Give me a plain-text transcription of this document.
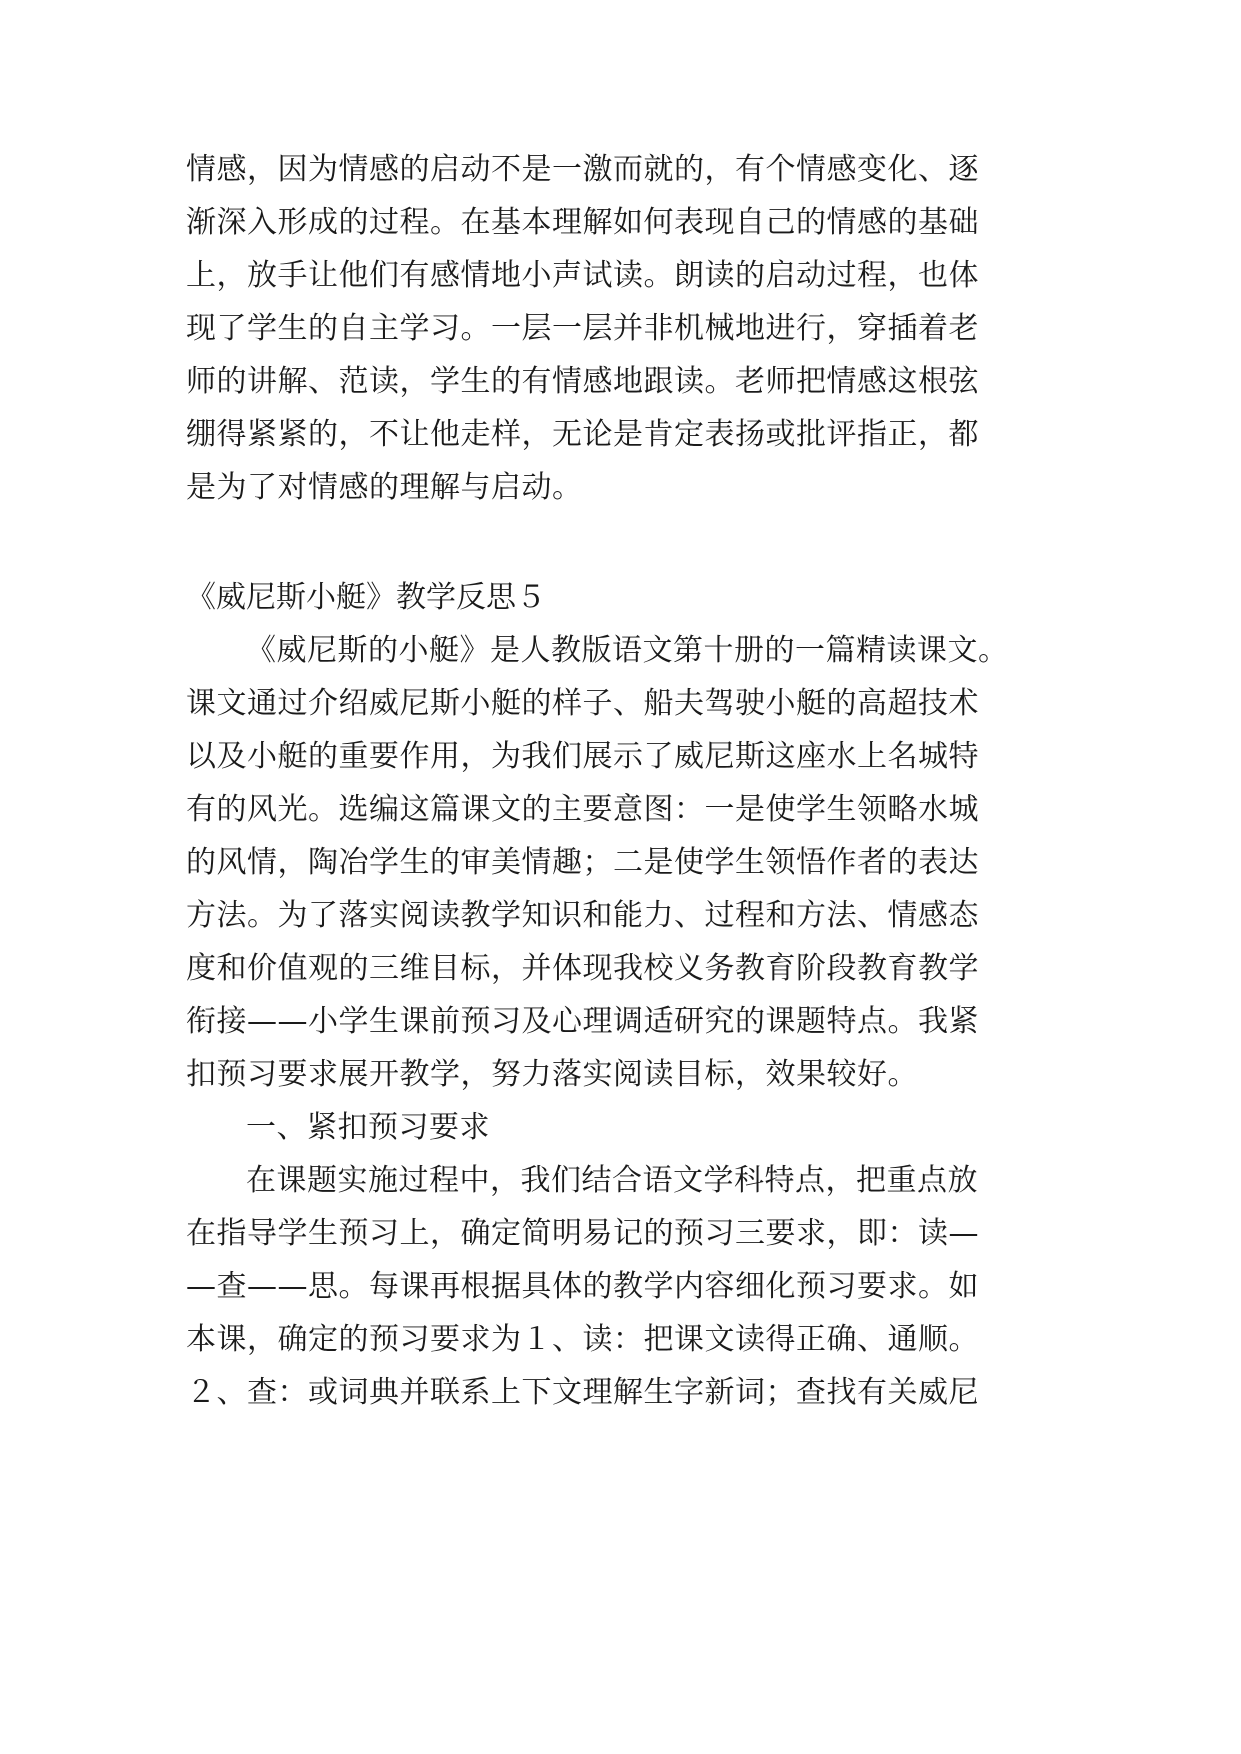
情感，因为情感的启动不是一激而就的，有个情感变化、逐
渐深入形成的过程。在基本理解如何表现自己的情感的基础
上，放手让他们有感情地小声试读。朗读的启动过程，也体
现了学生的自主学习。一层一层并非机械地进行，穿插着老
师的讲解、范读，学生的有情感地跟读。老师把情感这根弦
绷得紧紧的，不让他走样，无论是肯定表扬或批评指正，都
是为了对情感的理解与启动。
《威尼斯小艇》教学反思５
《威尼斯的小艇》是人教版语文第十册的一篇精读课文。
课文通过介绍威尼斯小艇的样子、船夫驾驶小艇的高超技术
以及小艇的重要作用，为我们展示了威尼斯这座水上名城特
有的风光。选编这篇课文的主要意图：一是使学生领略水城
的风情，陶冶学生的审美情趣；二是使学生领悟作者的表达
方法。为了落实阅读教学知识和能力、过程和方法、情感态
度和价值观的三维目标，并体现我校义务教育阶段教育教学
衔接——小学生课前预习及心理调适研究的课题特点。我紧
扣预习要求展开教学，努力落实阅读目标，效果较好。
一、紧扣预习要求
在课题实施过程中，我们结合语文学科特点，把重点放
在指导学生预习上，确定简明易记的预习三要求，即：读—
—查——思。每课再根据具体的教学内容细化预习要求。如
本课，确定的预习要求为１、读：把课文读得正确、通顺。
２、查：或词典并联系上下文理解生字新词；查找有关威尼
